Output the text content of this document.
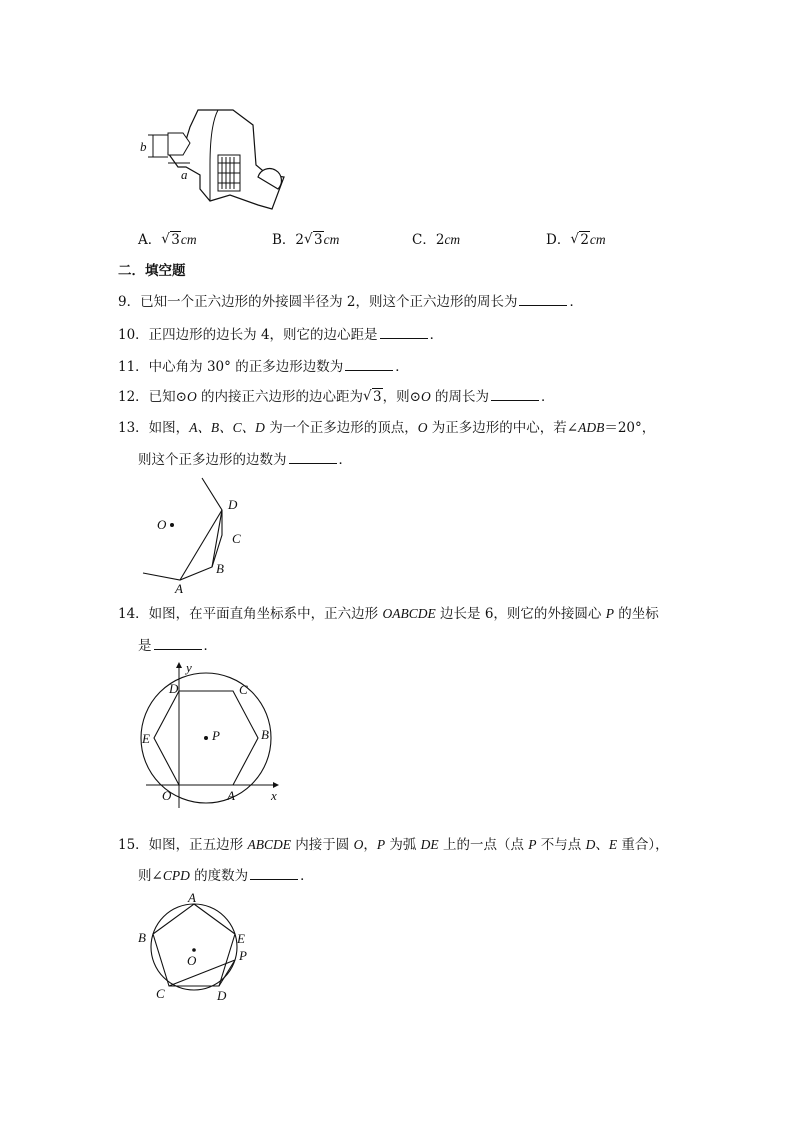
b
a
A． √ 3cm	B．2 √ 3cm	C．2cm	D． √ 2cm
二．填空题
9．已知一个正六边形的外接圆半径为 2，则这个正六边形的周长为	．
10．正四边形的边长为 4，则它的边心距是	．
11．中心角为 30° 的正多边形边数为	．
12．已知⊙O 的内接正六边形的边心距为 √ 3，则⊙O 的周长为	．
13．如图，A、B、C、D 为一个正多边形的顶点，O 为正多边形的中心，若∠ADB＝20°，
则这个正多边形的边数为	．
O
D
C
B
A
14．如图，在平面直角坐标系中，正六边形 OABCDE 边长是 6，则它的外接圆心 P 的坐标
是	．
y
x
D	C
E	B
P
O	A
15．如图，正五边形 ABCDE 内接于圆 O，P 为弧 DE 上的一点（点 P 不与点 D、E 重合），
则∠CPD 的度数为	．
A
B	E
P
O
C	D
